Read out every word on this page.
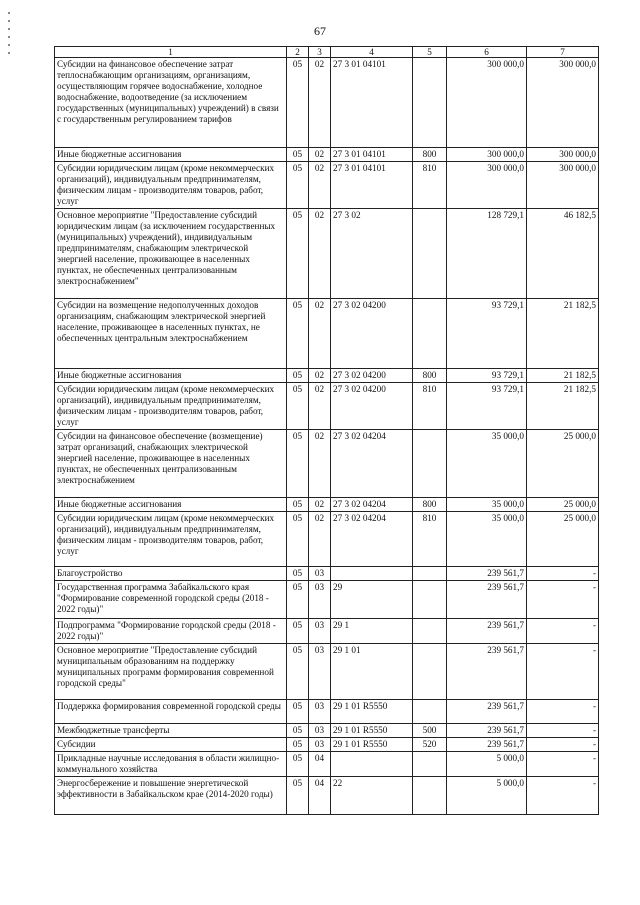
67
1	2	3	4	5	6	7
Субсидии на финансовое обеспечение затрат теплоснабжающим организациям, организациям, осуществляющим горячее водоснабжение, холодное водоснабжение, водоотведение (за исключением государственных (муниципальных) учреждений) в связи с государственным регулированием тарифов	05	02	27 3 01 04101		300 000,0	300 000,0
Иные бюджетные ассигнования	05	02	27 3 01 04101	800	300 000,0	300 000,0
Субсидии юридическим лицам (кроме некоммерческих организаций), индивидуальным предпринимателям, физическим лицам - производителям товаров, работ, услуг	05	02	27 3 01 04101	810	300 000,0	300 000,0
Основное мероприятие "Предоставление субсидий юридическим лицам (за исключением государственных (муниципальных) учреждений), индивидуальным предпринимателям, снабжающим электрической энергией население, проживающее в населенных пунктах, не обеспеченных централизованным электроснабжением"	05	02	27 3 02		128 729,1	46 182,5
Субсидии на возмещение недополученных доходов организациям, снабжающим электрической энергией население, проживающее в населенных пунктах, не обеспеченных центральным электроснабжением	05	02	27 3 02 04200		93 729,1	21 182,5
Иные бюджетные ассигнования	05	02	27 3 02 04200	800	93 729,1	21 182,5
Субсидии юридическим лицам (кроме некоммерческих организаций), индивидуальным предпринимателям, физическим лицам - производителям товаров, работ, услуг	05	02	27 3 02 04200	810	93 729,1	21 182,5
Субсидии на финансовое обеспечение (возмещение) затрат организаций, снабжающих электрической энергией население, проживающее в населенных пунктах, не обеспеченных централизованным электроснабжением	05	02	27 3 02 04204		35 000,0	25 000,0
Иные бюджетные ассигнования	05	02	27 3 02 04204	800	35 000,0	25 000,0
Субсидии юридическим лицам (кроме некоммерческих организаций), индивидуальным предпринимателям, физическим лицам - производителям товаров, работ, услуг	05	02	27 3 02 04204	810	35 000,0	25 000,0
Благоустройство	05	03			239 561,7	-
Государственная программа Забайкальского края "Формирование современной городской среды (2018 - 2022 годы)"	05	03	29		239 561,7	-
Подпрограмма "Формирование городской среды (2018 - 2022 годы)"	05	03	29 1		239 561,7	-
Основное мероприятие "Предоставление субсидий муниципальным образованиям на поддержку муниципальных программ формирования современной городской среды"	05	03	29 1 01		239 561,7	-
Поддержка формирования современной городской среды	05	03	29 1 01 R5550		239 561,7	-
Межбюджетные трансферты	05	03	29 1 01 R5550	500	239 561,7	-
Субсидии	05	03	29 1 01 R5550	520	239 561,7	-
Прикладные научные исследования в области жилищно-коммунального хозяйства	05	04			5 000,0	-
Энергосбережение и повышение энергетической эффективности в Забайкальском крае (2014-2020 годы)	05	04	22		5 000,0	-
